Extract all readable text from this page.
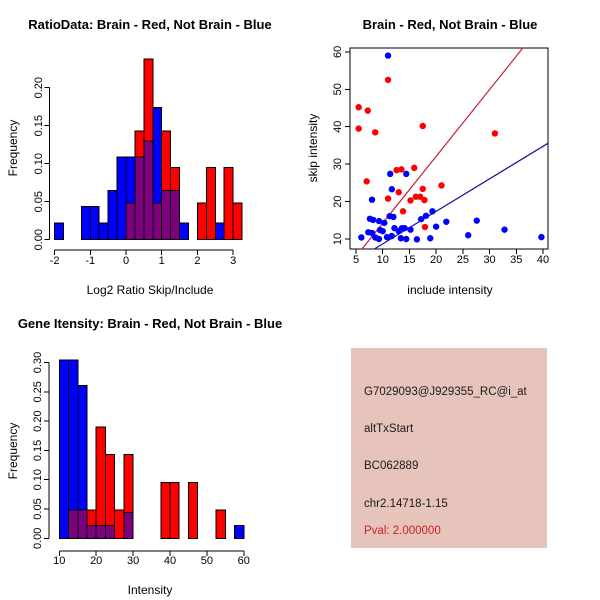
-2 -1	0	1	2	3
0.00
0.05
0.10
0.15
0.20
5 10 15 20 25 30 35 40
10
20
30
40
50
60
10 20 30 40 50 60
0.00
0.05
0.10
0.15
0.20
0.25
0.30
RatioData: Brain - Red, Not Brain - Blue	Brain - Red, Not Brain - Blue
Gene Itensity: Brain - Red, Not Brain - Blue
Log2 Ratio Skip/Include
Frequency
include intensity
skip intensity
Intensity
Frequency
G7029093@J929355_RC@i_at
altTxStart
BC062889
chr2.14718-1.15
Pval: 2.000000
